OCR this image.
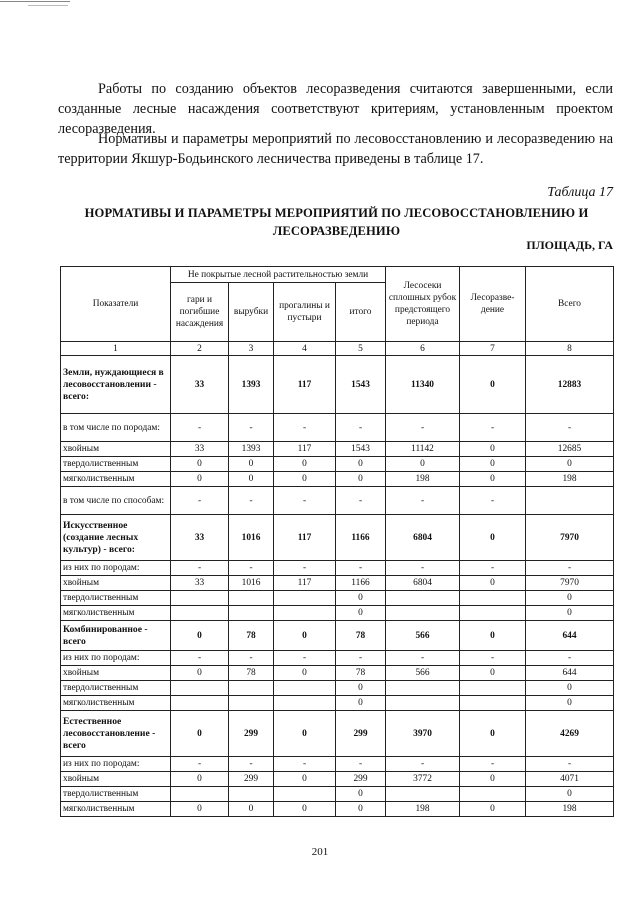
Работы по созданию объектов лесоразведения считаются завершенными, если созданные лесные насаждения соответствуют критериям, установленным проектом лесоразведения.

Нормативы и параметры мероприятий по лесовосстановлению и лесоразведению на территории Якшур-Бодьинского лесничества приведены в таблице 17.

Таблица 17
НОРМАТИВЫ И ПАРАМЕТРЫ МЕРОПРИЯТИЙ ПО ЛЕСОВОССТАНОВЛЕНИЮ И
ЛЕСОРАЗВЕДЕНИЮ
ПЛОЩАДЬ, ГА
Показатели	Не покрытые лесной растительностью земли				Лесосеки сплошных рубок предстоящего периода	Лесоразве-дение	Всего
	гари и погибшие насаждения	вырубки	прогалины и пустыри	итого			
1	2	3	4	5	6	7	8
Земли, нуждающиеся в лесовосстановлении - всего:	33	1393	117	1543	11340	0	12883
в том числе по породам:	-	-	-	-	-	-	-
хвойным	33	1393	117	1543	11142	0	12685
твердолиственным	0	0	0	0	0	0	0
мягколиственным	0	0	0	0	198	0	198
в том числе по способам:	-	-	-	-	-	-	
Искусственное (создание лесных культур) - всего:	33	1016	117	1166	6804	0	7970
из них по породам:	-	-	-	-	-	-	-
хвойным	33	1016	117	1166	6804	0	7970
твердолиственным				0			0
мягколиственным				0			0
Комбинированное - всего	0	78	0	78	566	0	644
из них по породам:	-	-	-	-	-	-	-
хвойным	0	78	0	78	566	0	644
твердолиственным				0			0
мягколиственным				0			0
Естественное лесовосстановление - всего	0	299	0	299	3970	0	4269
из них по породам:	-	-	-	-	-	-	-
хвойным	0	299	0	299	3772	0	4071
твердолиственным				0			0
мягколиственным	0	0	0	0	198	0	198
201
